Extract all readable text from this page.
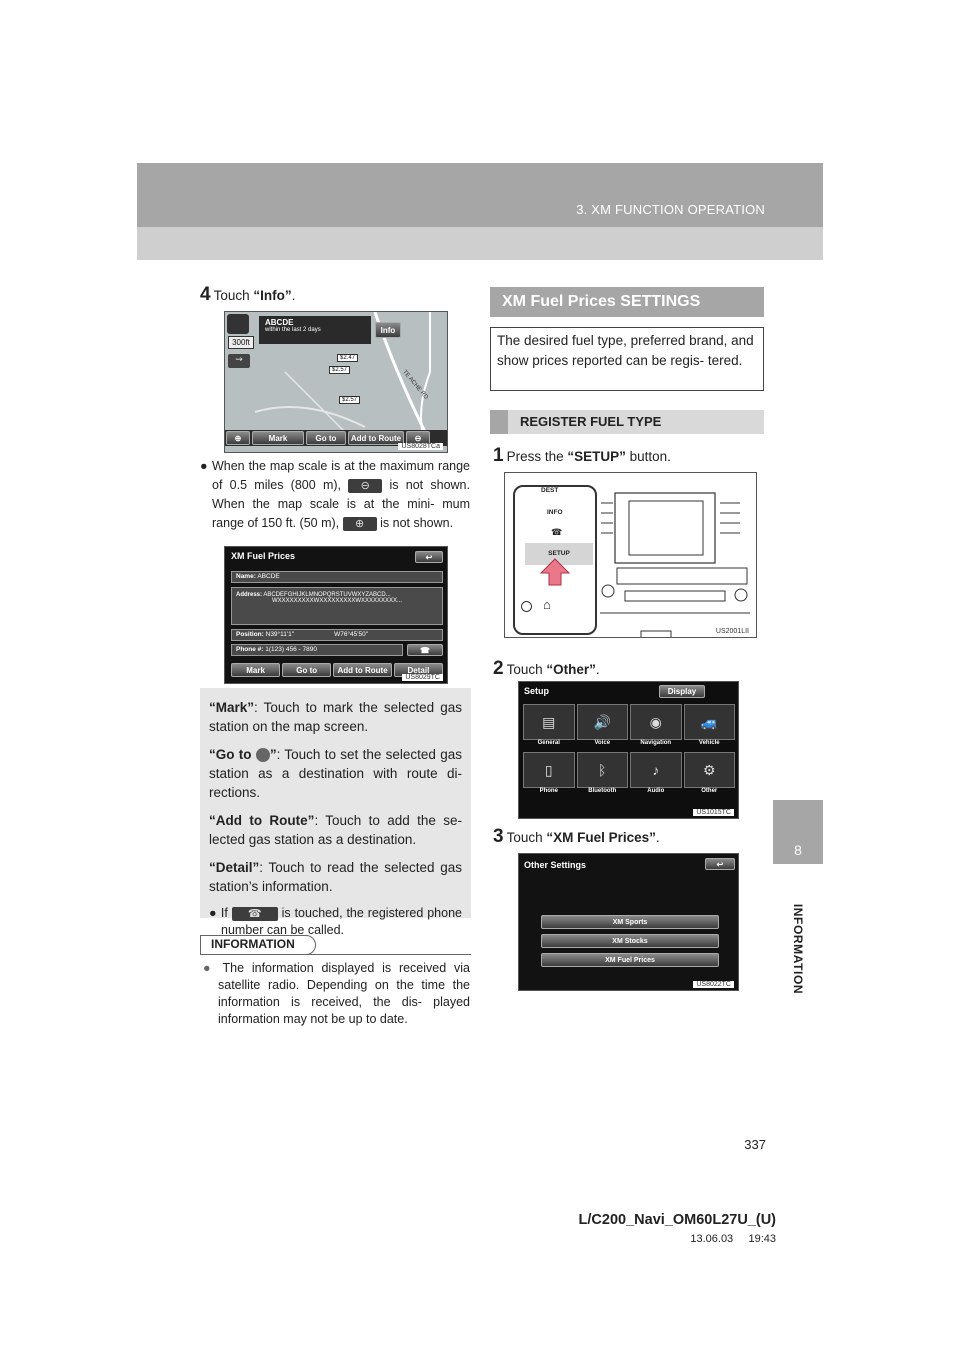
3. XM FUNCTION OPERATION
8
INFORMATION
4 Touch “Info”.
300ft
⇝
ABCDE
within the last 2 days	Info
$2.47
$2.57
$2.57	TE ACHE RD
⊕	Mark	Go to	Add to Route	⊖
US8028TCa
● When the map scale is at the maximum range of 0.5 miles (800 m), ⊖ is not shown. When the map scale is at the mini- mum range of 150 ft. (50 m), ⊕ is not shown.
XM Fuel Prices	↩
Name: ABCDE
Address: ABCDEFGHIJKLMNOPQRSTUVWXYZABCD...
WXXXXXXXXXWXXXXXXXXXWXXXXXXXXX...
Position: N39°11'1"	W76°45'50"
Phone #: 1(123) 456 - 7890	☎
Mark	Go to	Add to Route	Detail
US8029TC

“Mark”: Touch to mark the selected gas station on the map screen.

“Go to ”: Touch to set the selected gas station as a destination with route di- rections.

“Add to Route”: Touch to add the se- lected gas station as a destination.

“Detail”: Touch to read the selected gas station’s information.

● If ☎ is touched, the registered phone number can be called.

INFORMATION
● The information displayed is received via satellite radio. Depending on the time the information is received, the dis- played information may not be up to date.
XM Fuel Prices SETTINGS
The desired fuel type, preferred brand, and show prices reported can be regis- tered.
REGISTER FUEL TYPE
1 Press the “SETUP” button.
DEST
INFO
☎
SETUP
⌂
US2001LII
2 Touch “Other”.
Setup	Display
▤
General
🔊
Voice
◉
Navigation
🚙
Vehicle
▯
Phone
ᛒ
Bluetooth
♪
Audio
⚙
Other
US1015TC
3 Touch “XM Fuel Prices”.
Other Settings	↩
XM Sports
XM Stocks
XM Fuel Prices
US8022TC
337
L/C200_Navi_OM60L27U_(U)
13.06.03     19:43
